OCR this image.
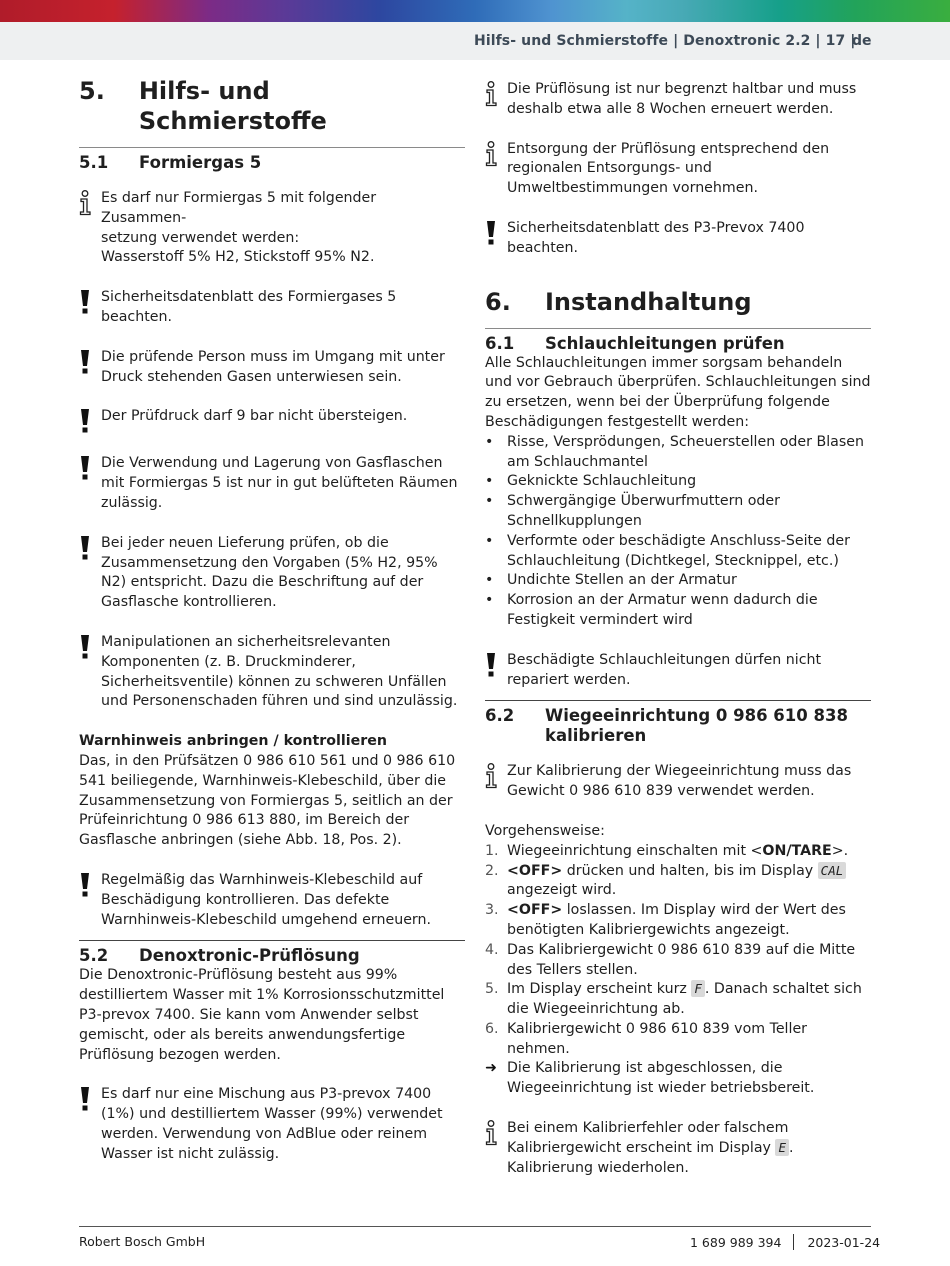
Hilfs- und Schmierstoffe | Denoxtronic 2.2 | 17 |
de
5.	Hilfs- und Schmierstoffe
5.1	Formiergas 5
Es darf nur Formiergas 5 mit folgender Zusammen-
setzung verwendet werden:
Wasserstoff 5% H2, Stickstoff 95% N2.
Sicherheitsdatenblatt des Formiergases 5 beachten.
Die prüfende Person muss im Umgang mit unter Druck stehenden Gasen unterwiesen sein.
Der Prüfdruck darf 9 bar nicht übersteigen.
Die Verwendung und Lagerung von Gasflaschen mit Formiergas 5 ist nur in gut belüfteten Räumen zulässig.
Bei jeder neuen Lieferung prüfen, ob die Zusammensetzung den Vorgaben (5% H2, 95% N2) entspricht. Dazu die Beschriftung auf der Gasflasche kontrollieren.
Manipulationen an sicherheitsrelevanten Komponenten (z. B. Druckminderer, Sicherheitsventile) können zu schweren Unfällen und Personenschaden führen und sind unzulässig.
Warnhinweis anbringen / kontrollieren

Das, in den Prüfsätzen 0 986 610 561 und 0 986 610 541 beiliegende, Warnhinweis-Klebeschild, über die Zusammensetzung von Formiergas 5, seitlich an der Prüfeinrichtung 0 986 613 880, im Bereich der Gasflasche anbringen (siehe Abb. 18, Pos. 2).

Regelmäßig das Warnhinweis-Klebeschild auf Beschädigung kontrollieren. Das defekte Warnhinweis-Klebeschild umgehend erneuern.
5.2	Denoxtronic-Prüflösung

Die Denoxtronic-Prüflösung besteht aus 99% destilliertem Wasser mit 1% Korrosionsschutzmittel P3-prevox 7400. Sie kann vom Anwender selbst gemischt, oder als bereits anwendungsfertige Prüflösung bezogen werden.

Es darf nur eine Mischung aus P3-prevox 7400 (1%) und destilliertem Wasser (99%) verwendet werden. Verwendung von AdBlue oder reinem Wasser ist nicht zulässig.
Die Prüflösung ist nur begrenzt haltbar und muss deshalb etwa alle 8 Wochen erneuert werden.
Entsorgung der Prüflösung entsprechend den regionalen Entsorgungs- und Umweltbestimmungen vornehmen.
Sicherheitsdatenblatt des P3-Prevox 7400 beachten.
6.	Instandhaltung
6.1	Schlauchleitungen prüfen

Alle Schlauchleitungen immer sorgsam behandeln und vor Gebrauch überprüfen. Schlauchleitungen sind zu ersetzen, wenn bei der Überprüfung folgende Beschädigungen festgestellt werden:

• Risse, Versprödungen, Scheuerstellen oder Blasen am Schlauchmantel
• Geknickte Schlauchleitung
• Schwergängige Überwurfmuttern oder Schnellkupplungen
• Verformte oder beschädigte Anschluss-Seite der Schlauchleitung (Dichtkegel, Stecknippel, etc.)
• Undichte Stellen an der Armatur
• Korrosion an der Armatur wenn dadurch die Festigkeit vermindert wird
Beschädigte Schlauchleitungen dürfen nicht repariert werden.
6.2	Wiegeeinrichtung 0 986 610 838
kalibrieren
Zur Kalibrierung der Wiegeeinrichtung muss das Gewicht 0 986 610 839 verwendet werden.
Vorgehensweise:
1. Wiegeeinrichtung einschalten mit <ON/TARE>.
2. <OFF> drücken und halten, bis im Display CAL
angezeigt wird.
3. <OFF> loslassen. Im Display wird der Wert des benötigten Kalibriergewichts angezeigt.
4. Das Kalibriergewicht 0 986 610 839 auf die Mitte des Tellers stellen.
5. Im Display erscheint kurz F . Danach schaltet sich die Wiegeeinrichtung ab.
6. Kalibriergewicht 0 986 610 839 vom Teller nehmen.
➜ Die Kalibrierung ist abgeschlossen, die Wiegeeinrichtung ist wieder betriebsbereit.
Bei einem Kalibrierfehler oder falschem Kalibriergewicht erscheint im Display E . Kalibrierung wiederholen.
Robert Bosch GmbH	1 689 989 394 2023-01-24
